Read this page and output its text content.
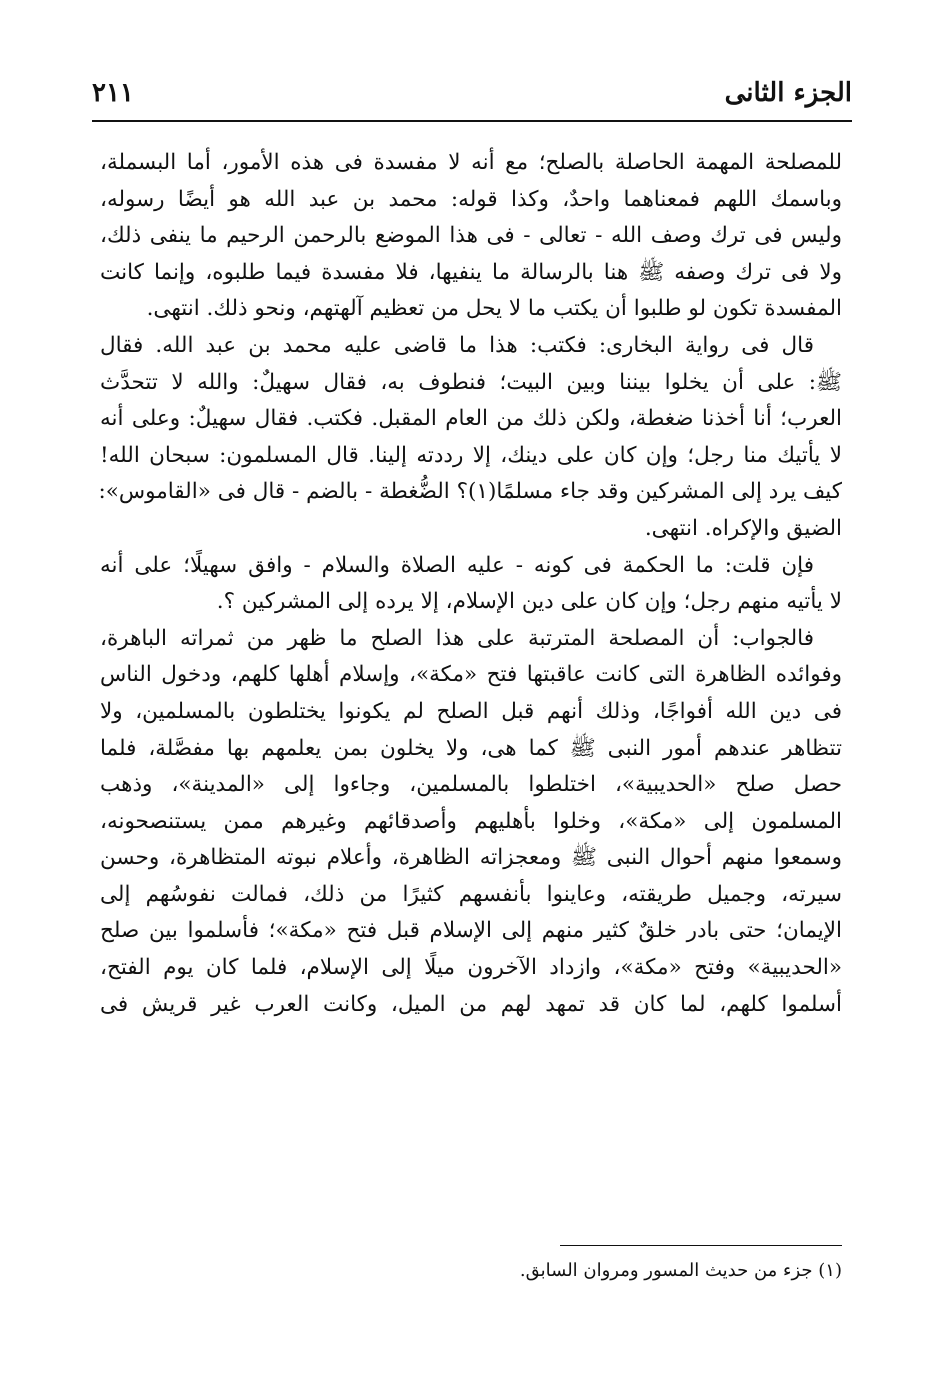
الجزء الثانى
٢١١

للمصلحة المهمة الحاصلة بالصلح؛ مع أنه لا مفسدة فى هذه الأمور، أما البسملة،
وباسمك اللهم فمعناهما واحدٌ، وكذا قوله: محمد بن عبد الله هو أيضًا رسوله،
وليس فى ترك وصف الله - تعالى - فى هذا الموضع بالرحمن الرحيم ما ينفى ذلك،
ولا فى ترك وصفه ﷺ هنا بالرسالة ما ينفيها، فلا مفسدة فيما طلبوه، وإنما كانت
المفسدة تكون لو طلبوا أن يكتب ما لا يحل من تعظيم آلهتهم، ونحو ذلك. انتهى.

قال فى رواية البخارى: فكتب: هذا ما قاضى عليه محمد بن عبد الله. فقال
ﷺ: على أن يخلوا بيننا وبين البيت؛ فنطوف به، فقال سهيلٌ: والله لا تتحدَّث
العرب؛ أنا أخذنا ضغطة، ولكن ذلك من العام المقبل. فكتب. فقال سهيلٌ: وعلى أنه
لا يأتيك منا رجل؛ وإن كان على دينك، إلا رددته إلينا. قال المسلمون: سبحان الله!
كيف يرد إلى المشركين وقد جاء مسلمًا(١)؟ الضُّغطة - بالضم - قال فى «القاموس»:
الضيق والإكراه. انتهى.

فإن قلت: ما الحكمة فى كونه - عليه الصلاة والسلام - وافق سهيلًا؛ على أنه
لا يأتيه منهم رجل؛ وإن كان على دين الإسلام، إلا يرده إلى المشركين ؟.

فالجواب: أن المصلحة المترتبة على هذا الصلح ما ظهر من ثمراته الباهرة،
وفوائده الظاهرة التى كانت عاقبتها فتح «مكة»، وإسلام أهلها كلهم، ودخول الناس
فى دين الله أفواجًا، وذلك أنهم قبل الصلح لم يكونوا يختلطون بالمسلمين، ولا
تتظاهر عندهم أمور النبى ﷺ كما هى، ولا يخلون بمن يعلمهم بها مفصَّلة، فلما
حصل صلح «الحديبية»، اختلطوا بالمسلمين، وجاءوا إلى «المدينة»، وذهب
المسلمون إلى «مكة»، وخلوا بأهليهم وأصدقائهم وغيرهم ممن يستنصحونه،
وسمعوا منهم أحوال النبى ﷺ ومعجزاته الظاهرة، وأعلام نبوته المتظاهرة، وحسن
سيرته، وجميل طريقته، وعاينوا بأنفسهم كثيرًا من ذلك، فمالت نفوسُهم إلى
الإيمان؛ حتى بادر خلقٌ كثير منهم إلى الإسلام قبل فتح «مكة»؛ فأسلموا بين صلح
«الحديبية» وفتح «مكة»، وازداد الآخرون ميلًا إلى الإسلام، فلما كان يوم الفتح،
أسلموا كلهم، لما كان قد تمهد لهم من الميل، وكانت العرب غير قريش فى

(١) جزء من حديث المسور ومروان السابق.
